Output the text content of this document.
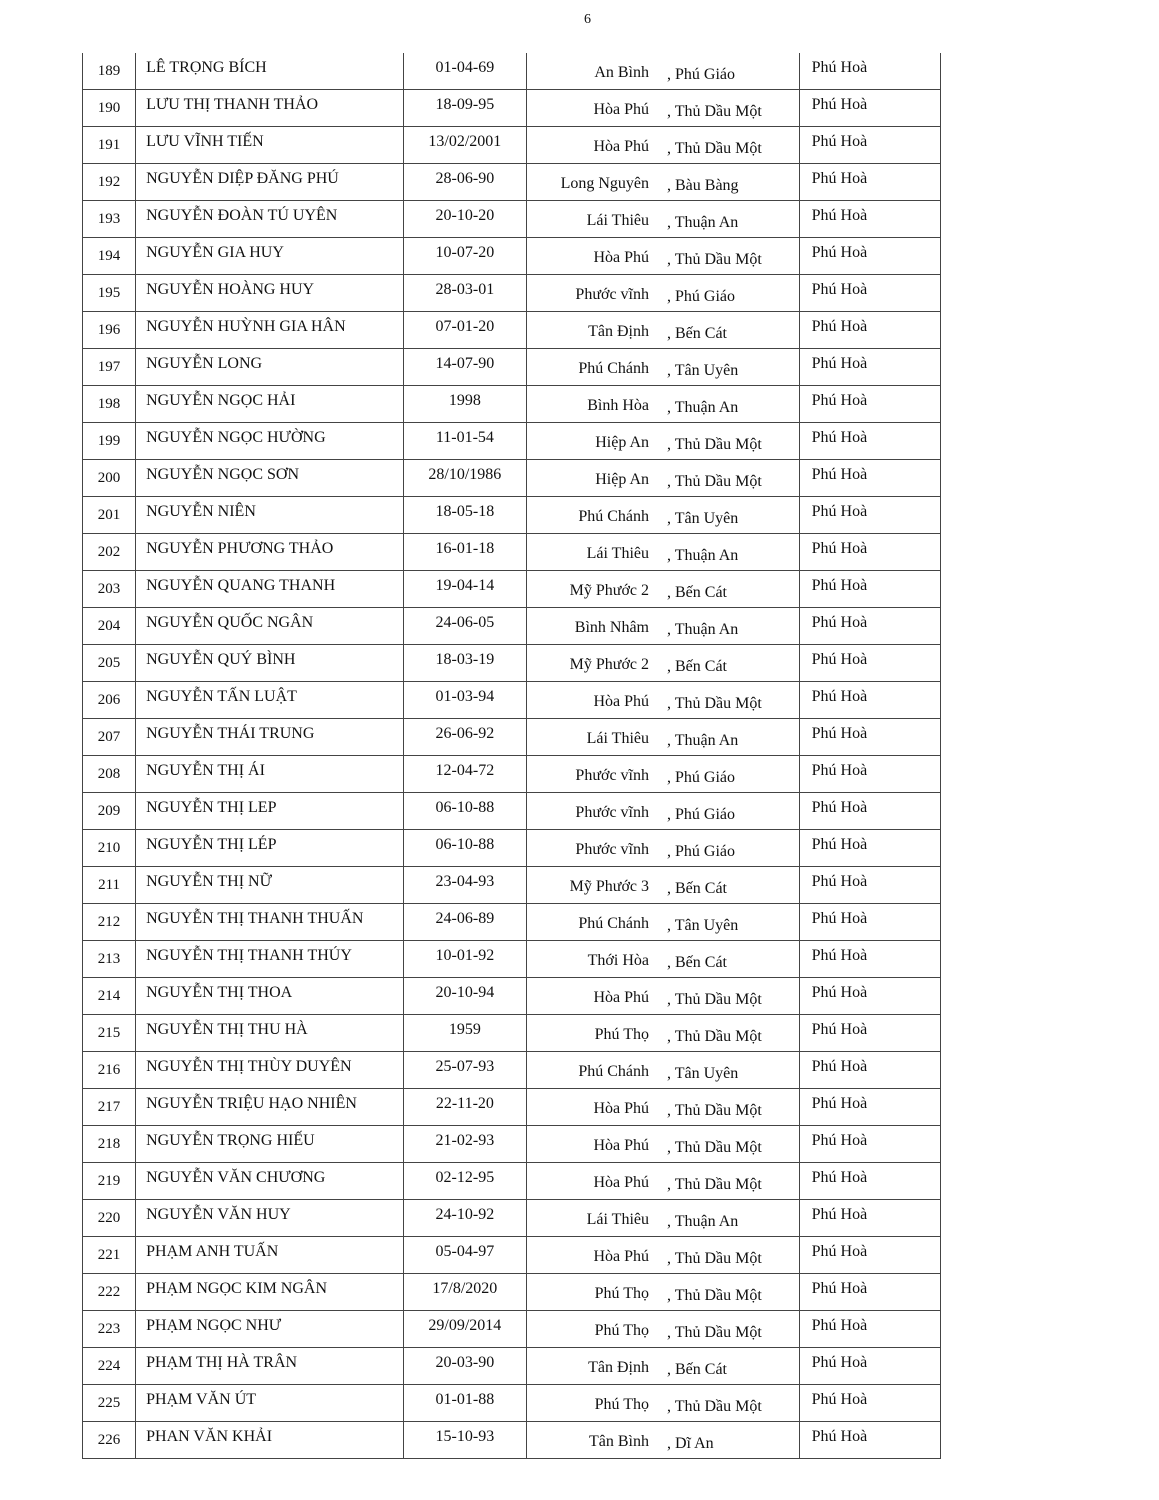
6
189	LÊ TRỌNG BÍCH	01-04-69	An Bình , Phú Giáo	Phú Hoà
190	LƯU THỊ THANH THẢO	18-09-95	Hòa Phú , Thủ Dầu Một	Phú Hoà
191	LƯU VĨNH TIẾN	13/02/2001	Hòa Phú , Thủ Dầu Một	Phú Hoà
192	NGUYỄN DIỆP ĐĂNG PHÚ	28-06-90	Long Nguyên , Bàu Bàng	Phú Hoà
193	NGUYỄN ĐOÀN TÚ UYÊN	20-10-20	Lái Thiêu , Thuận An	Phú Hoà
194	NGUYỄN GIA HUY	10-07-20	Hòa Phú , Thủ Dầu Một	Phú Hoà
195	NGUYỄN HOÀNG HUY	28-03-01	Phước vĩnh , Phú Giáo	Phú Hoà
196	NGUYỄN HUỲNH GIA HÂN	07-01-20	Tân Định , Bến Cát	Phú Hoà
197	NGUYỄN LONG	14-07-90	Phú Chánh , Tân Uyên	Phú Hoà
198	NGUYỄN NGỌC HẢI	1998	Bình Hòa , Thuận An	Phú Hoà
199	NGUYỄN NGỌC HƯỜNG	11-01-54	Hiệp An , Thủ Dầu Một	Phú Hoà
200	NGUYỄN NGỌC SƠN	28/10/1986	Hiệp An , Thủ Dầu Một	Phú Hoà
201	NGUYỄN NIÊN	18-05-18	Phú Chánh , Tân Uyên	Phú Hoà
202	NGUYỄN PHƯƠNG THẢO	16-01-18	Lái Thiêu , Thuận An	Phú Hoà
203	NGUYỄN QUANG THANH	19-04-14	Mỹ Phước 2 , Bến Cát	Phú Hoà
204	NGUYỄN QUỐC NGÂN	24-06-05	Bình Nhâm , Thuận An	Phú Hoà
205	NGUYỄN QUÝ BÌNH	18-03-19	Mỹ Phước 2 , Bến Cát	Phú Hoà
206	NGUYỄN TẤN LUẬT	01-03-94	Hòa Phú , Thủ Dầu Một	Phú Hoà
207	NGUYỄN THÁI TRUNG	26-06-92	Lái Thiêu , Thuận An	Phú Hoà
208	NGUYỄN THỊ ÁI	12-04-72	Phước vĩnh , Phú Giáo	Phú Hoà
209	NGUYỄN THỊ LEP	06-10-88	Phước vĩnh , Phú Giáo	Phú Hoà
210	NGUYỄN THỊ LÉP	06-10-88	Phước vĩnh , Phú Giáo	Phú Hoà
211	NGUYỄN THỊ NỮ	23-04-93	Mỹ Phước 3 , Bến Cát	Phú Hoà
212	NGUYỄN THỊ THANH THUẤN	24-06-89	Phú Chánh , Tân Uyên	Phú Hoà
213	NGUYỄN THỊ THANH THÚY	10-01-92	Thới Hòa , Bến Cát	Phú Hoà
214	NGUYỄN THỊ THOA	20-10-94	Hòa Phú , Thủ Dầu Một	Phú Hoà
215	NGUYỄN THỊ THU HÀ	1959	Phú Thọ , Thủ Dầu Một	Phú Hoà
216	NGUYỄN THỊ THÙY DUYÊN	25-07-93	Phú Chánh , Tân Uyên	Phú Hoà
217	NGUYỄN TRIỆU HẠO NHIÊN	22-11-20	Hòa Phú , Thủ Dầu Một	Phú Hoà
218	NGUYỄN TRỌNG HIẾU	21-02-93	Hòa Phú , Thủ Dầu Một	Phú Hoà
219	NGUYỄN VĂN CHƯƠNG	02-12-95	Hòa Phú , Thủ Dầu Một	Phú Hoà
220	NGUYỄN VĂN HUY	24-10-92	Lái Thiêu , Thuận An	Phú Hoà
221	PHẠM ANH TUẤN	05-04-97	Hòa Phú , Thủ Dầu Một	Phú Hoà
222	PHẠM NGỌC KIM NGÂN	17/8/2020	Phú Thọ , Thủ Dầu Một	Phú Hoà
223	PHẠM NGỌC NHƯ	29/09/2014	Phú Thọ , Thủ Dầu Một	Phú Hoà
224	PHẠM THỊ HÀ TRÂN	20-03-90	Tân Định , Bến Cát	Phú Hoà
225	PHẠM VĂN ÚT	01-01-88	Phú Thọ , Thủ Dầu Một	Phú Hoà
226	PHAN VĂN KHẢI	15-10-93	Tân Bình , Dĩ An	Phú Hoà
